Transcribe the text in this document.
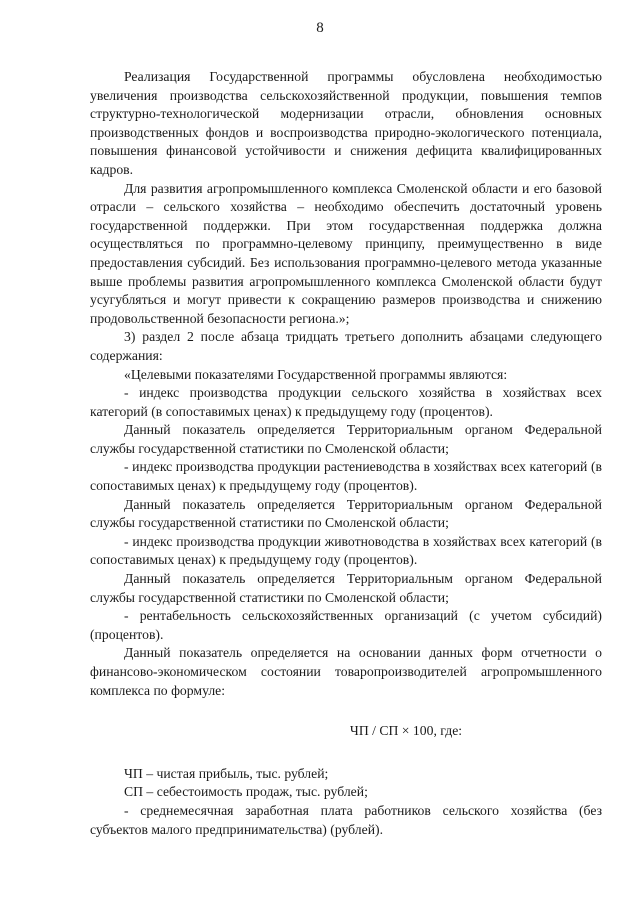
8

Реализация Государственной программы обусловлена необходимостью увеличения производства сельскохозяйственной продукции, повышения темпов структурно-технологической модернизации отрасли, обновления основных производственных фондов и воспроизводства природно-экологического потенциала, повышения финансовой устойчивости и снижения дефицита квалифицированных кадров.

Для развития агропромышленного комплекса Смоленской области и его базовой отрасли – сельского хозяйства – необходимо обеспечить достаточный уровень государственной поддержки. При этом государственная поддержка должна осуществляться по программно-целевому принципу, преимущественно в виде предоставления субсидий. Без использования программно-целевого метода указанные выше проблемы развития агропромышленного комплекса Смоленской области будут усугубляться и могут привести к сокращению размеров производства и снижению продовольственной безопасности региона.»;

3) раздел 2 после абзаца тридцать третьего дополнить абзацами следующего содержания:

«Целевыми показателями Государственной программы являются:

- индекс производства продукции сельского хозяйства в хозяйствах всех категорий (в сопоставимых ценах) к предыдущему году (процентов).

Данный показатель определяется Территориальным органом Федеральной службы государственной статистики по Смоленской области;

- индекс производства продукции растениеводства в хозяйствах всех категорий (в сопоставимых ценах) к предыдущему году (процентов).

Данный показатель определяется Территориальным органом Федеральной службы государственной статистики по Смоленской области;

- индекс производства продукции животноводства в хозяйствах всех категорий (в сопоставимых ценах) к предыдущему году (процентов).

Данный показатель определяется Территориальным органом Федеральной службы государственной статистики по Смоленской области;

- рентабельность сельскохозяйственных организаций (с учетом субсидий) (процентов).

Данный показатель определяется на основании данных форм отчетности о финансово-экономическом состоянии товаропроизводителей агропромышленного комплекса по формуле:

ЧП / СП × 100, где:

ЧП – чистая прибыль, тыс. рублей;

СП – себестоимость продаж, тыс. рублей;

- среднемесячная заработная плата работников сельского хозяйства (без субъектов малого предпринимательства) (рублей).
